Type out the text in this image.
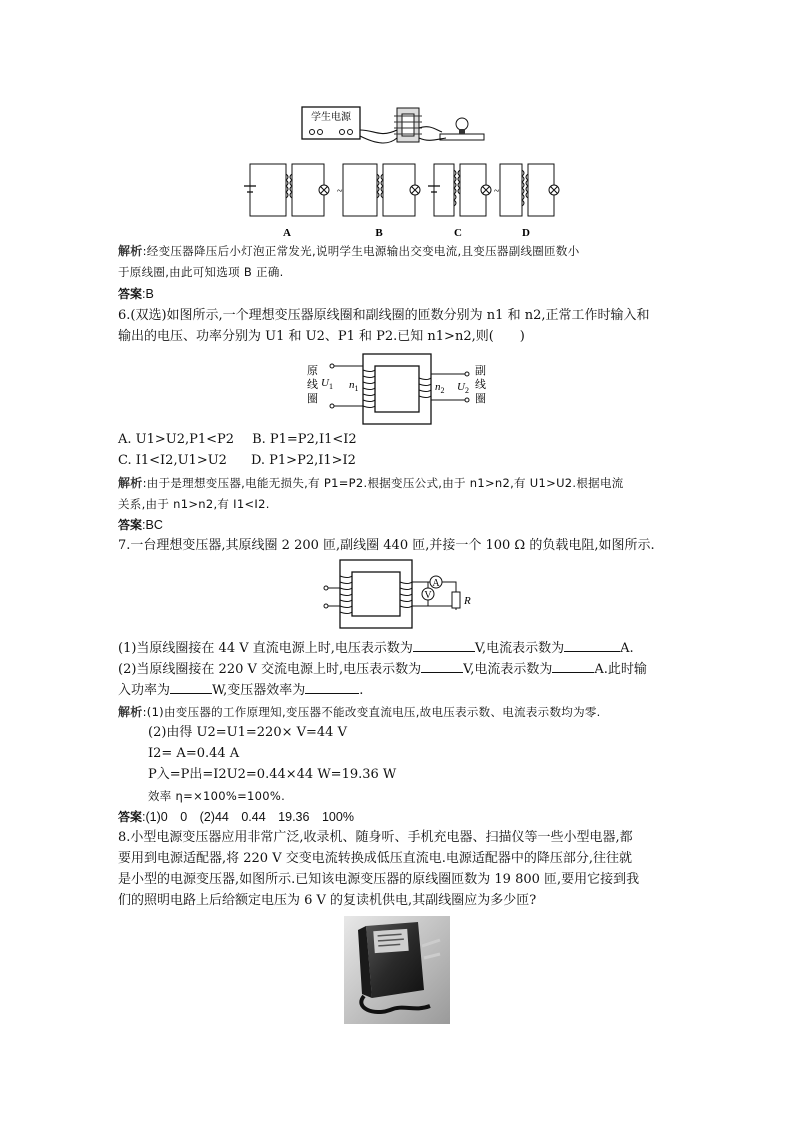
学生电源
A
~
B	C
~
D
解析:经变压器降压后小灯泡正常发光,说明学生电源输出交变电流,且变压器副线圈匝数小
于原线圈,由此可知选项 B 正确.
答案:B
6.(双选)如图所示,一个理想变压器原线圈和副线圈的匝数分别为 n1 和 n2,正常工作时输入和
输出的电压、功率分别为 U1 和 U2、P1 和 P2.已知 n1>n2,则(　　)
原
线
圈
$U_1$ $n_1$	$n_2$ $U_2$
副
线
圈
A. U1>U2,P1<P2 B. P1=P2,I1<I2
C. I1<I2,U1>U2 D. P1>P2,I1>I2
解析:由于是理想变压器,电能无损失,有 P1=P2.根据变压公式,由于 n1>n2,有 U1>U2.根据电流
关系,由于 n1>n2,有 I1<I2.
答案:BC
7.一台理想变压器,其原线圈 2 200 匝,副线圈 440 匝,并接一个 100 Ω 的负载电阻,如图所示.
A
V	R
(1)当原线圈接在 44 V 直流电源上时,电压表示数为	V,电流表示数为	A.
(2)当原线圈接在 220 V 交流电源上时,电压表示数为	V,电流表示数为	A.此时输
入功率为	W,变压器效率为	.
解析:(1)由变压器的工作原理知,变压器不能改变直流电压,故电压表示数、电流表示数均为零.
(2)由得 U2=U1=220× V=44 V
I2= A=0.44 A
P入=P出=I2U2=0.44×44 W=19.36 W
效率 η=×100%=100%.
答案:(1)0　0　(2)44　0.44　19.36　100%
8.小型电源变压器应用非常广泛,收录机、随身听、手机充电器、扫描仪等一些小型电器,都
要用到电源适配器,将 220 V 交变电流转换成低压直流电.电源适配器中的降压部分,往往就
是小型的电源变压器,如图所示.已知该电源变压器的原线圈匝数为 19 800 匝,要用它接到我
们的照明电路上后给额定电压为 6 V 的复读机供电,其副线圈应为多少匝?
